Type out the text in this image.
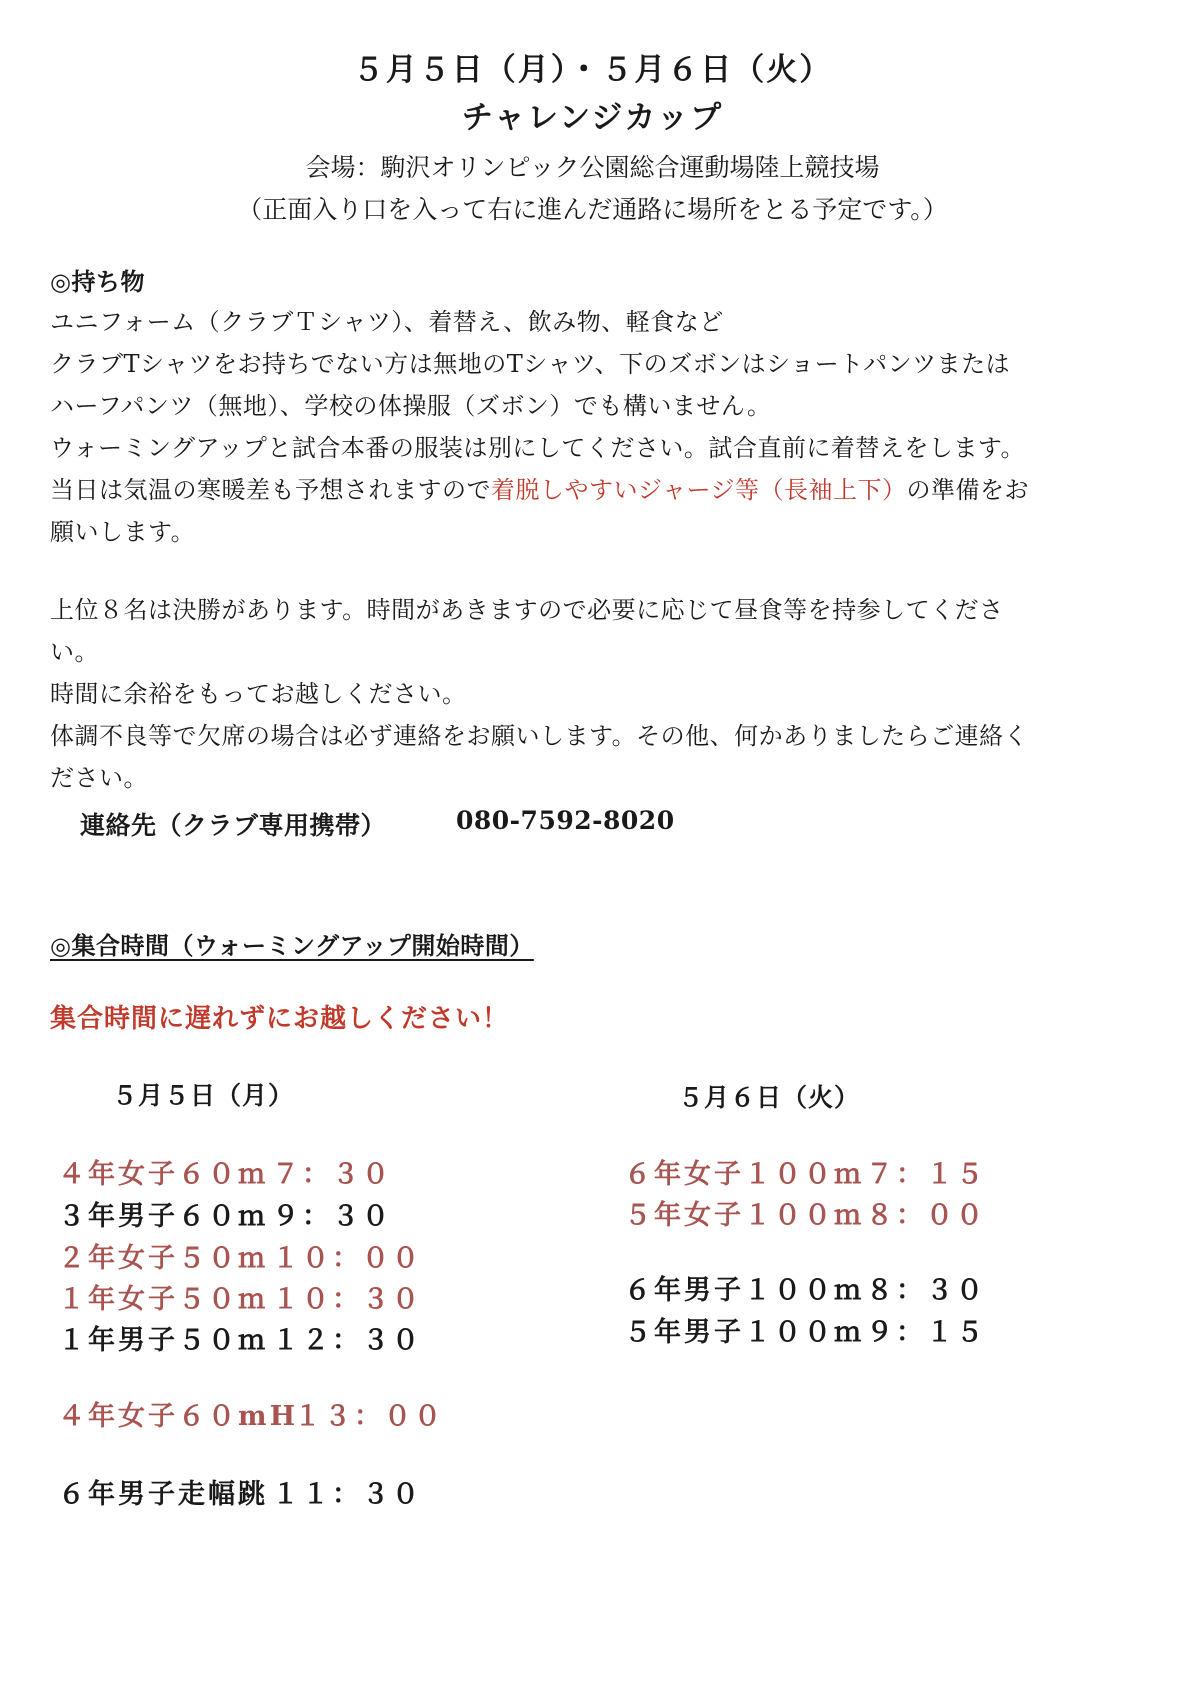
５月５日（月）・５月６日（火）
チャレンジカップ
会場：駒沢オリンピック公園総合運動場陸上競技場
（正面入り口を入って右に進んだ通路に場所をとる予定です。）
◎持ち物
ユニフォーム（クラブＴシャツ）、着替え、飲み物、軽食など
クラブTシャツをお持ちでない方は無地のTシャツ、下のズボンはショートパンツまたは
ハーフパンツ（無地）、学校の体操服（ズボン）でも構いません。
ウォーミングアップと試合本番の服装は別にしてください。試合直前に着替えをします。
当日は気温の寒暖差も予想されますので着脱しやすいジャージ等（長袖上下）の準備をお
願いします。
上位８名は決勝があります。時間があきますので必要に応じて昼食等を持参してくださ
い。
時間に余裕をもってお越しください。
体調不良等で欠席の場合は必ず連絡をお願いします。その他、何かありましたらご連絡く
ださい。
連絡先（クラブ専用携帯）	080-7592-8020
◎集合時間（ウォーミングアップ開始時間）
集合時間に遅れずにお越しください！
５月５日（月）
４年女子６０ｍ ７：３０
３年男子６０ｍ ９：３０
２年女子５０ｍ １０：００
１年女子５０ｍ １０：３０
１年男子５０ｍ １２：３０
４年女子６０mH
１３：００
６年男子走幅跳 １１：３０
５月６日（火）
６年女子１００ｍ ７：１５
５年女子１００ｍ ８：００
６年男子１００ｍ ８：３０
５年男子１００ｍ ９：１５
